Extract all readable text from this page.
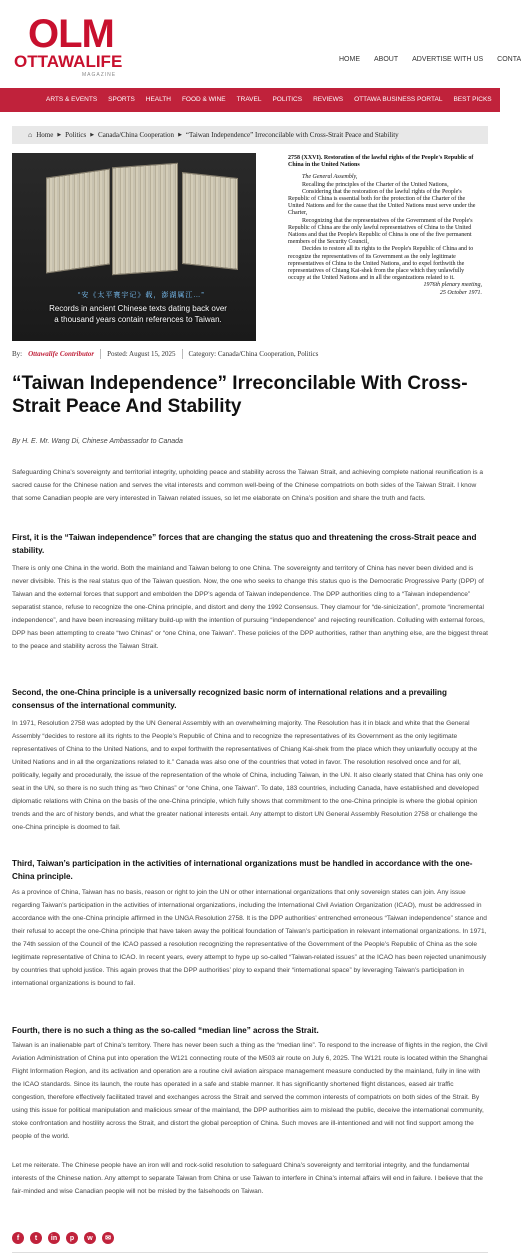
OLM
OTTAWALIFE
MAGAZINE
HOME ABOUT ADVERTISE WITH US CONTA
ARTS & EVENTS SPORTS HEALTH FOOD & WINE TRAVEL POLITICS REVIEWS OTTAWA BUSINESS PORTAL BEST PICKS
⌂ Home ▶ Politics ▶ Canada/China Cooperation ▶ “Taiwan Independence” Irreconcilable with Cross-Strait Peace and Stability
“安《太平寰宇记》载，澎湖属江…”
Records in ancient Chinese texts dating back over a thousand years contain references to Taiwan.
2758 (XXVI). Restoration of the lawful rights of the People's Republic of China in the United Nations
The General Assembly,
Recalling the principles of the Charter of the United Nations,
Considering that the restoration of the lawful rights of the People's Republic of China is essential both for the protection of the Charter of the United Nations and for the cause that the United Nations must serve under the Charter,
Recognizing that the representatives of the Government of the People's Republic of China are the only lawful representatives of China to the United Nations and that the People's Republic of China is one of the five permanent members of the Security Council,
Decides to restore all its rights to the People's Republic of China and to recognize the representatives of its Government as the only legitimate representatives of China to the United Nations, and to expel forthwith the representatives of Chiang Kai-shek from the place which they unlawfully occupy at the United Nations and in all the organizations related to it.
1976th plenary meeting,
25 October 1971.
By: Ottawalife Contributor Posted: August 15, 2025 Category: Canada/China Cooperation, Politics
“Taiwan Independence” Irreconcilable With Cross-Strait Peace And Stability
By H. E. Mr. Wang Di, Chinese Ambassador to Canada

Safeguarding China’s sovereignty and territorial integrity, upholding peace and stability across the Taiwan Strait, and achieving complete national reunification is a sacred cause for the Chinese nation and serves the vital interests and common well-being of the Chinese compatriots on both sides of the Taiwan Strait. I know that some Canadian people are very interested in Taiwan related issues, so let me elaborate on China’s position and share the truth and facts.

First, it is the “Taiwan independence” forces that are changing the status quo and threatening the cross-Strait peace and stability.

There is only one China in the world. Both the mainland and Taiwan belong to one China. The sovereignty and territory of China has never been divided and is never divisible. This is the real status quo of the Taiwan question. Now, the one who seeks to change this status quo is the Democratic Progressive Party (DPP) of Taiwan and the external forces that support and embolden the DPP’s agenda of Taiwan independence. The DPP authorities cling to a “Taiwan independence” separatist stance, refuse to recognize the one-China principle, and distort and deny the 1992 Consensus. They clamour for “de-sinicization”, promote “incremental independence”, and have been increasing military build-up with the intention of pursuing “independence” and rejecting reunification. Colluding with external forces, DPP has been attempting to create “two Chinas” or “one China, one Taiwan”. These policies of the DPP authorities, rather than anything else, are the biggest threat to the peace and stability across the Taiwan Strait.

Second, the one-China principle is a universally recognized basic norm of international relations and a prevailing consensus of the international community.

In 1971, Resolution 2758 was adopted by the UN General Assembly with an overwhelming majority. The Resolution has it in black and white that the General Assembly “decides to restore all its rights to the People’s Republic of China and to recognize the representatives of its Government as the only legitimate representatives of China to the United Nations, and to expel forthwith the representatives of Chiang Kai-shek from the place which they unlawfully occupy at the United Nations and in all the organizations related to it.” Canada was also one of the countries that voted in favor. The resolution resolved once and for all, politically, legally and procedurally, the issue of the representation of the whole of China, including Taiwan, in the UN. It also clearly stated that China has only one seat in the UN, so there is no such thing as “two Chinas” or “one China, one Taiwan”. To date, 183 countries, including Canada, have established and developed diplomatic relations with China on the basis of the one-China principle, which fully shows that commitment to the one-China principle is where the global opinion trends and the arc of history bends, and what the greater national interests entail. Any attempt to distort UN General Assembly Resolution 2758 or challenge the one-China principle is doomed to fail.

Third, Taiwan’s participation in the activities of international organizations must be handled in accordance with the one-China principle.

As a province of China, Taiwan has no basis, reason or right to join the UN or other international organizations that only sovereign states can join. Any issue regarding Taiwan’s participation in the activities of international organizations, including the International Civil Aviation Organization (ICAO), must be addressed in accordance with the one-China principle affirmed in the UNGA Resolution 2758. It is the DPP authorities’ entrenched erroneous “Taiwan independence” stance and their refusal to accept the one-China principle that have taken away the political foundation of Taiwan’s participation in relevant international organizations. In 1971, the 74th session of the Council of the ICAO passed a resolution recognizing the representative of the Government of the People’s Republic of China as the sole legitimate representative of China to ICAO. In recent years, every attempt to hype up so-called “Taiwan-related issues” at the ICAO has been rejected unanimously by countries that uphold justice. This again proves that the DPP authorities’ ploy to expand their “international space” by leveraging Taiwan’s participation in international organizations is bound to fail.

Fourth, there is no such a thing as the so-called “median line” across the Strait.

Taiwan is an inalienable part of China’s territory. There has never been such a thing as the “median line”. To respond to the increase of flights in the region, the Civil Aviation Administration of China put into operation the W121 connecting route of the M503 air route on July 6, 2025. The W121 route is located within the Shanghai Flight Information Region, and its activation and operation are a routine civil aviation airspace management measure conducted by the mainland, fully in line with the ICAO standards. Since its launch, the route has operated in a safe and stable manner. It has significantly shortened flight distances, eased air traffic congestion, therefore effectively facilitated travel and exchanges across the Strait and served the common interests of compatriots on both sides of the Strait. By using this issue for political manipulation and malicious smear of the mainland, the DPP authorities aim to mislead the public, deceive the international community, stoke confrontation and hostility across the Strait, and distort the global perception of China. Such moves are ill-intentioned and will not find support among the people of the world.

Let me reiterate. The Chinese people have an iron will and rock-solid resolution to safeguard China’s sovereignty and territorial integrity, and the fundamental interests of the Chinese nation. Any attempt to separate Taiwan from China or use Taiwan to interfere in China’s internal affairs will end in failure. I believe that the fair-minded and wise Canadian people will not be misled by the falsehoods on Taiwan.

f	t	in	p	w	✉
